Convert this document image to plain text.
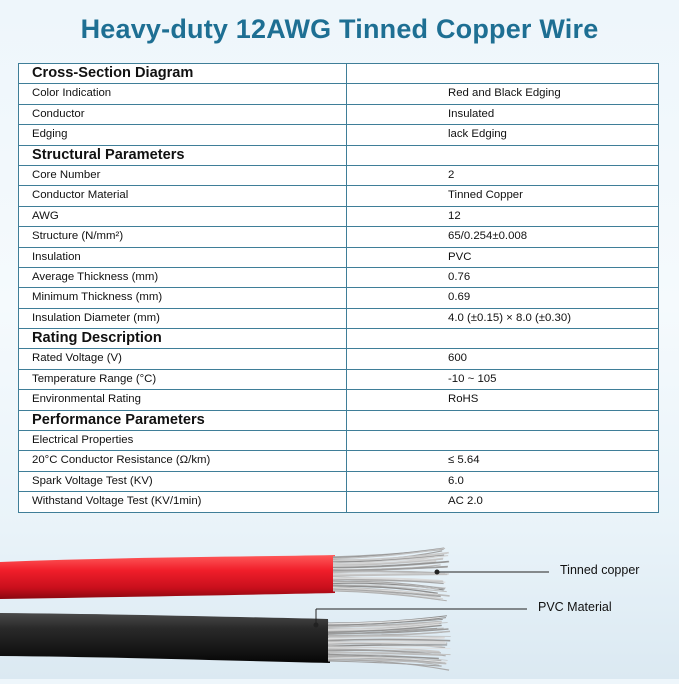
Heavy-duty 12AWG Tinned Copper Wire
Cross-Section Diagram	
Color Indication	Red and Black Edging
Conductor	Insulated
Edging	lack Edging
Structural Parameters	
Core Number	2
Conductor Material	Tinned Copper
AWG	12
Structure (N/mm²)	65/0.254±0.008
Insulation	PVC
Average Thickness (mm)	0.76
Minimum Thickness (mm)	0.69
Insulation Diameter (mm)	4.0 (±0.15) × 8.0 (±0.30)
Rating Description	
Rated Voltage (V)	600
Temperature Range (°C)	-10 ~ 105
Environmental Rating	RoHS
Performance Parameters	
Electrical Properties	
20°C Conductor Resistance (Ω/km)	≤ 5.64
Spark Voltage Test (KV)	6.0
Withstand Voltage Test (KV/1min)	AC 2.0
Tinned copper
PVC Material
